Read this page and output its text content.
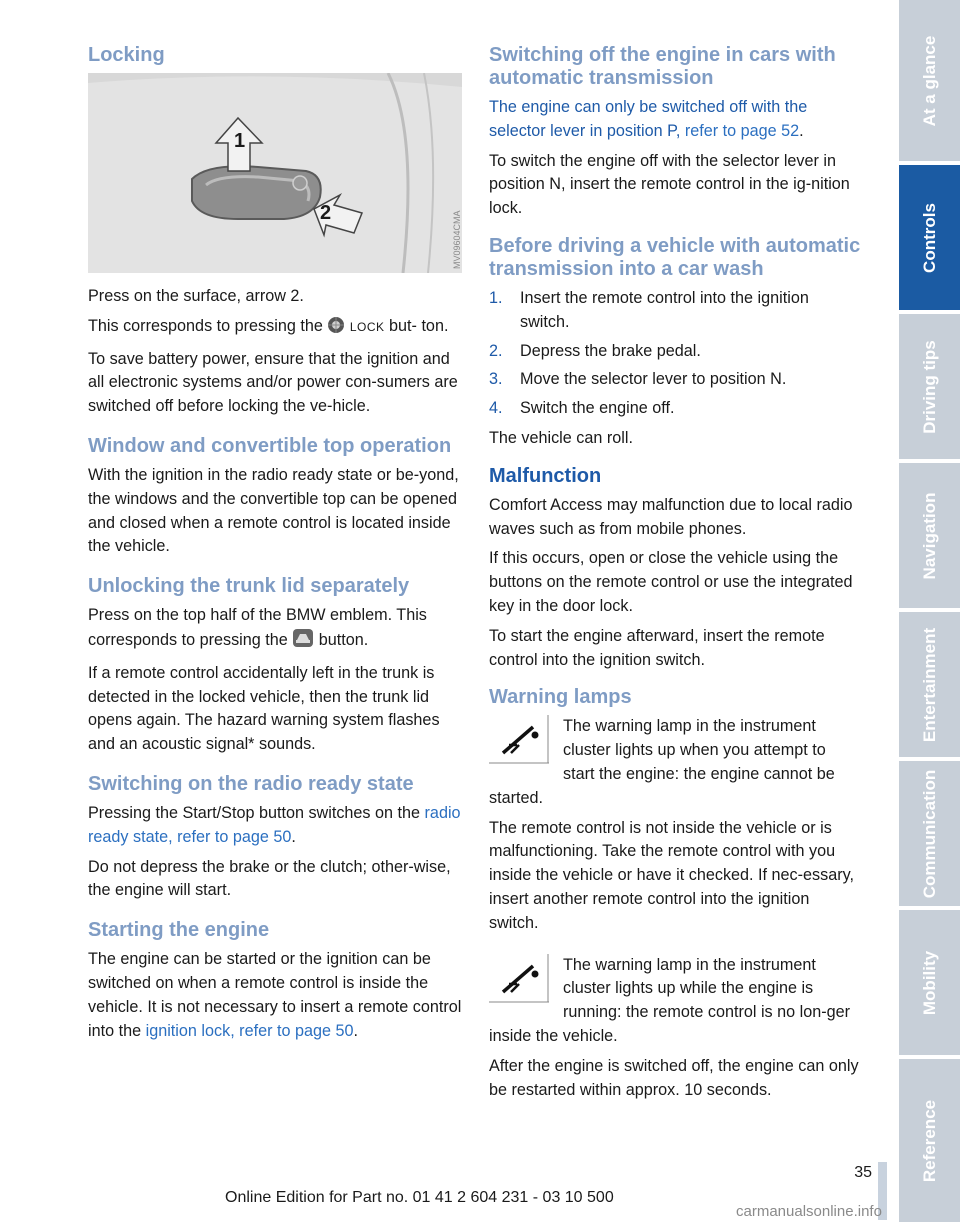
Locking
1
2	MV09604CMA

Press on the surface, arrow 2.

This corresponds to pressing the LOCK but- ton.

To save battery power, ensure that the ignition and all electronic systems and/or power con-sumers are switched off before locking the ve-hicle.

Window and convertible top operation

With the ignition in the radio ready state or be-yond, the windows and the convertible top can be opened and closed when a remote control is located inside the vehicle.

Unlocking the trunk lid separately

Press on the top half of the BMW emblem. This corresponds to pressing the button.

If a remote control accidentally left in the trunk is detected in the locked vehicle, then the trunk lid opens again. The hazard warning system flashes and an acoustic signal* sounds.

Switching on the radio ready state

Pressing the Start/Stop button switches on the radio ready state, refer to page 50.

Do not depress the brake or the clutch; other-wise, the engine will start.

Starting the engine

The engine can be started or the ignition can be switched on when a remote control is inside the vehicle. It is not necessary to insert a remote control into the ignition lock, refer to page 50.

Switching off the engine in cars with automatic transmission

The engine can only be switched off with the selector lever in position P, refer to page 52.

To switch the engine off with the selector lever in position N, insert the remote control in the ig-nition lock.

Before driving a vehicle with automatic transmission into a car wash
1. Insert the remote control into the ignition switch.
2. Depress the brake pedal.
3. Move the selector lever to position N.
4. Switch the engine off.

The vehicle can roll.

Malfunction

Comfort Access may malfunction due to local radio waves such as from mobile phones.

If this occurs, open or close the vehicle using the buttons on the remote control or use the integrated key in the door lock.

To start the engine afterward, insert the remote control into the ignition switch.

Warning lamps

The warning lamp in the instrument cluster lights up when you attempt to start the engine: the engine cannot be started.

The remote control is not inside the vehicle or is malfunctioning. Take the remote control with you inside the vehicle or have it checked. If nec-essary, insert another remote control into the ignition switch.

The warning lamp in the instrument cluster lights up while the engine is running: the remote control is no lon-ger inside the vehicle.

After the engine is switched off, the engine can only be restarted within approx. 10 seconds.

At a glance
Controls
Driving tips
Navigation
Entertainment
Communication
Mobility
Reference
35
Online Edition for Part no. 01 41 2 604 231 - 03 10 500
carmanualsonline.info
